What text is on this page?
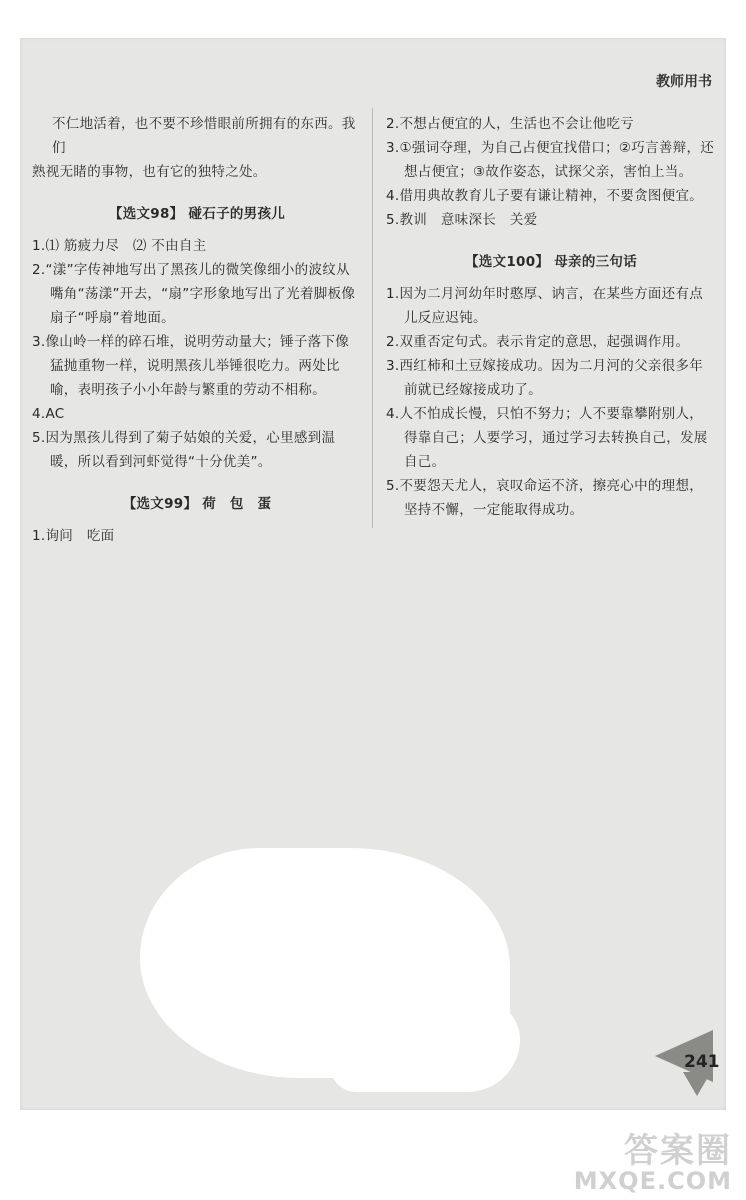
教师用书

不仁地活着，也不要不珍惜眼前所拥有的东西。我们

熟视无睹的事物，也有它的独特之处。

【选文98】 碰石子的男孩儿

1.⑴ 筋疲力尽　⑵ 不由自主

2.“漾”字传神地写出了黑孩儿的微笑像细小的波纹从嘴角“荡漾”开去，“扇”字形象地写出了光着脚板像扇子“呼扇”着地面。

3.像山岭一样的碎石堆，说明劳动量大；锤子落下像猛抛重物一样，说明黑孩儿举锤很吃力。两处比喻，表明孩子小小年龄与繁重的劳动不相称。

4.AC

5.因为黑孩儿得到了菊子姑娘的关爱，心里感到温暖，所以看到河虾觉得“十分优美”。

【选文99】 荷　包　蛋

1.询问　吃面

2.不想占便宜的人，生活也不会让他吃亏

3.①强词夺理，为自己占便宜找借口；②巧言善辩，还想占便宜；③故作姿态，试探父亲，害怕上当。

4.借用典故教育儿子要有谦让精神，不要贪图便宜。

5.教训　意味深长　关爱

【选文100】 母亲的三句话

1.因为二月河幼年时憨厚、讷言，在某些方面还有点儿反应迟钝。

2.双重否定句式。表示肯定的意思，起强调作用。

3.西红柿和土豆嫁接成功。因为二月河的父亲很多年前就已经嫁接成功了。

4.人不怕成长慢，只怕不努力；人不要靠攀附别人，得靠自己；人要学习，通过学习去转换自己，发展自己。

5.不要怨天尤人，哀叹命运不济，擦亮心中的理想，坚持不懈，一定能取得成功。

241
答案圈
MXQE.COM
